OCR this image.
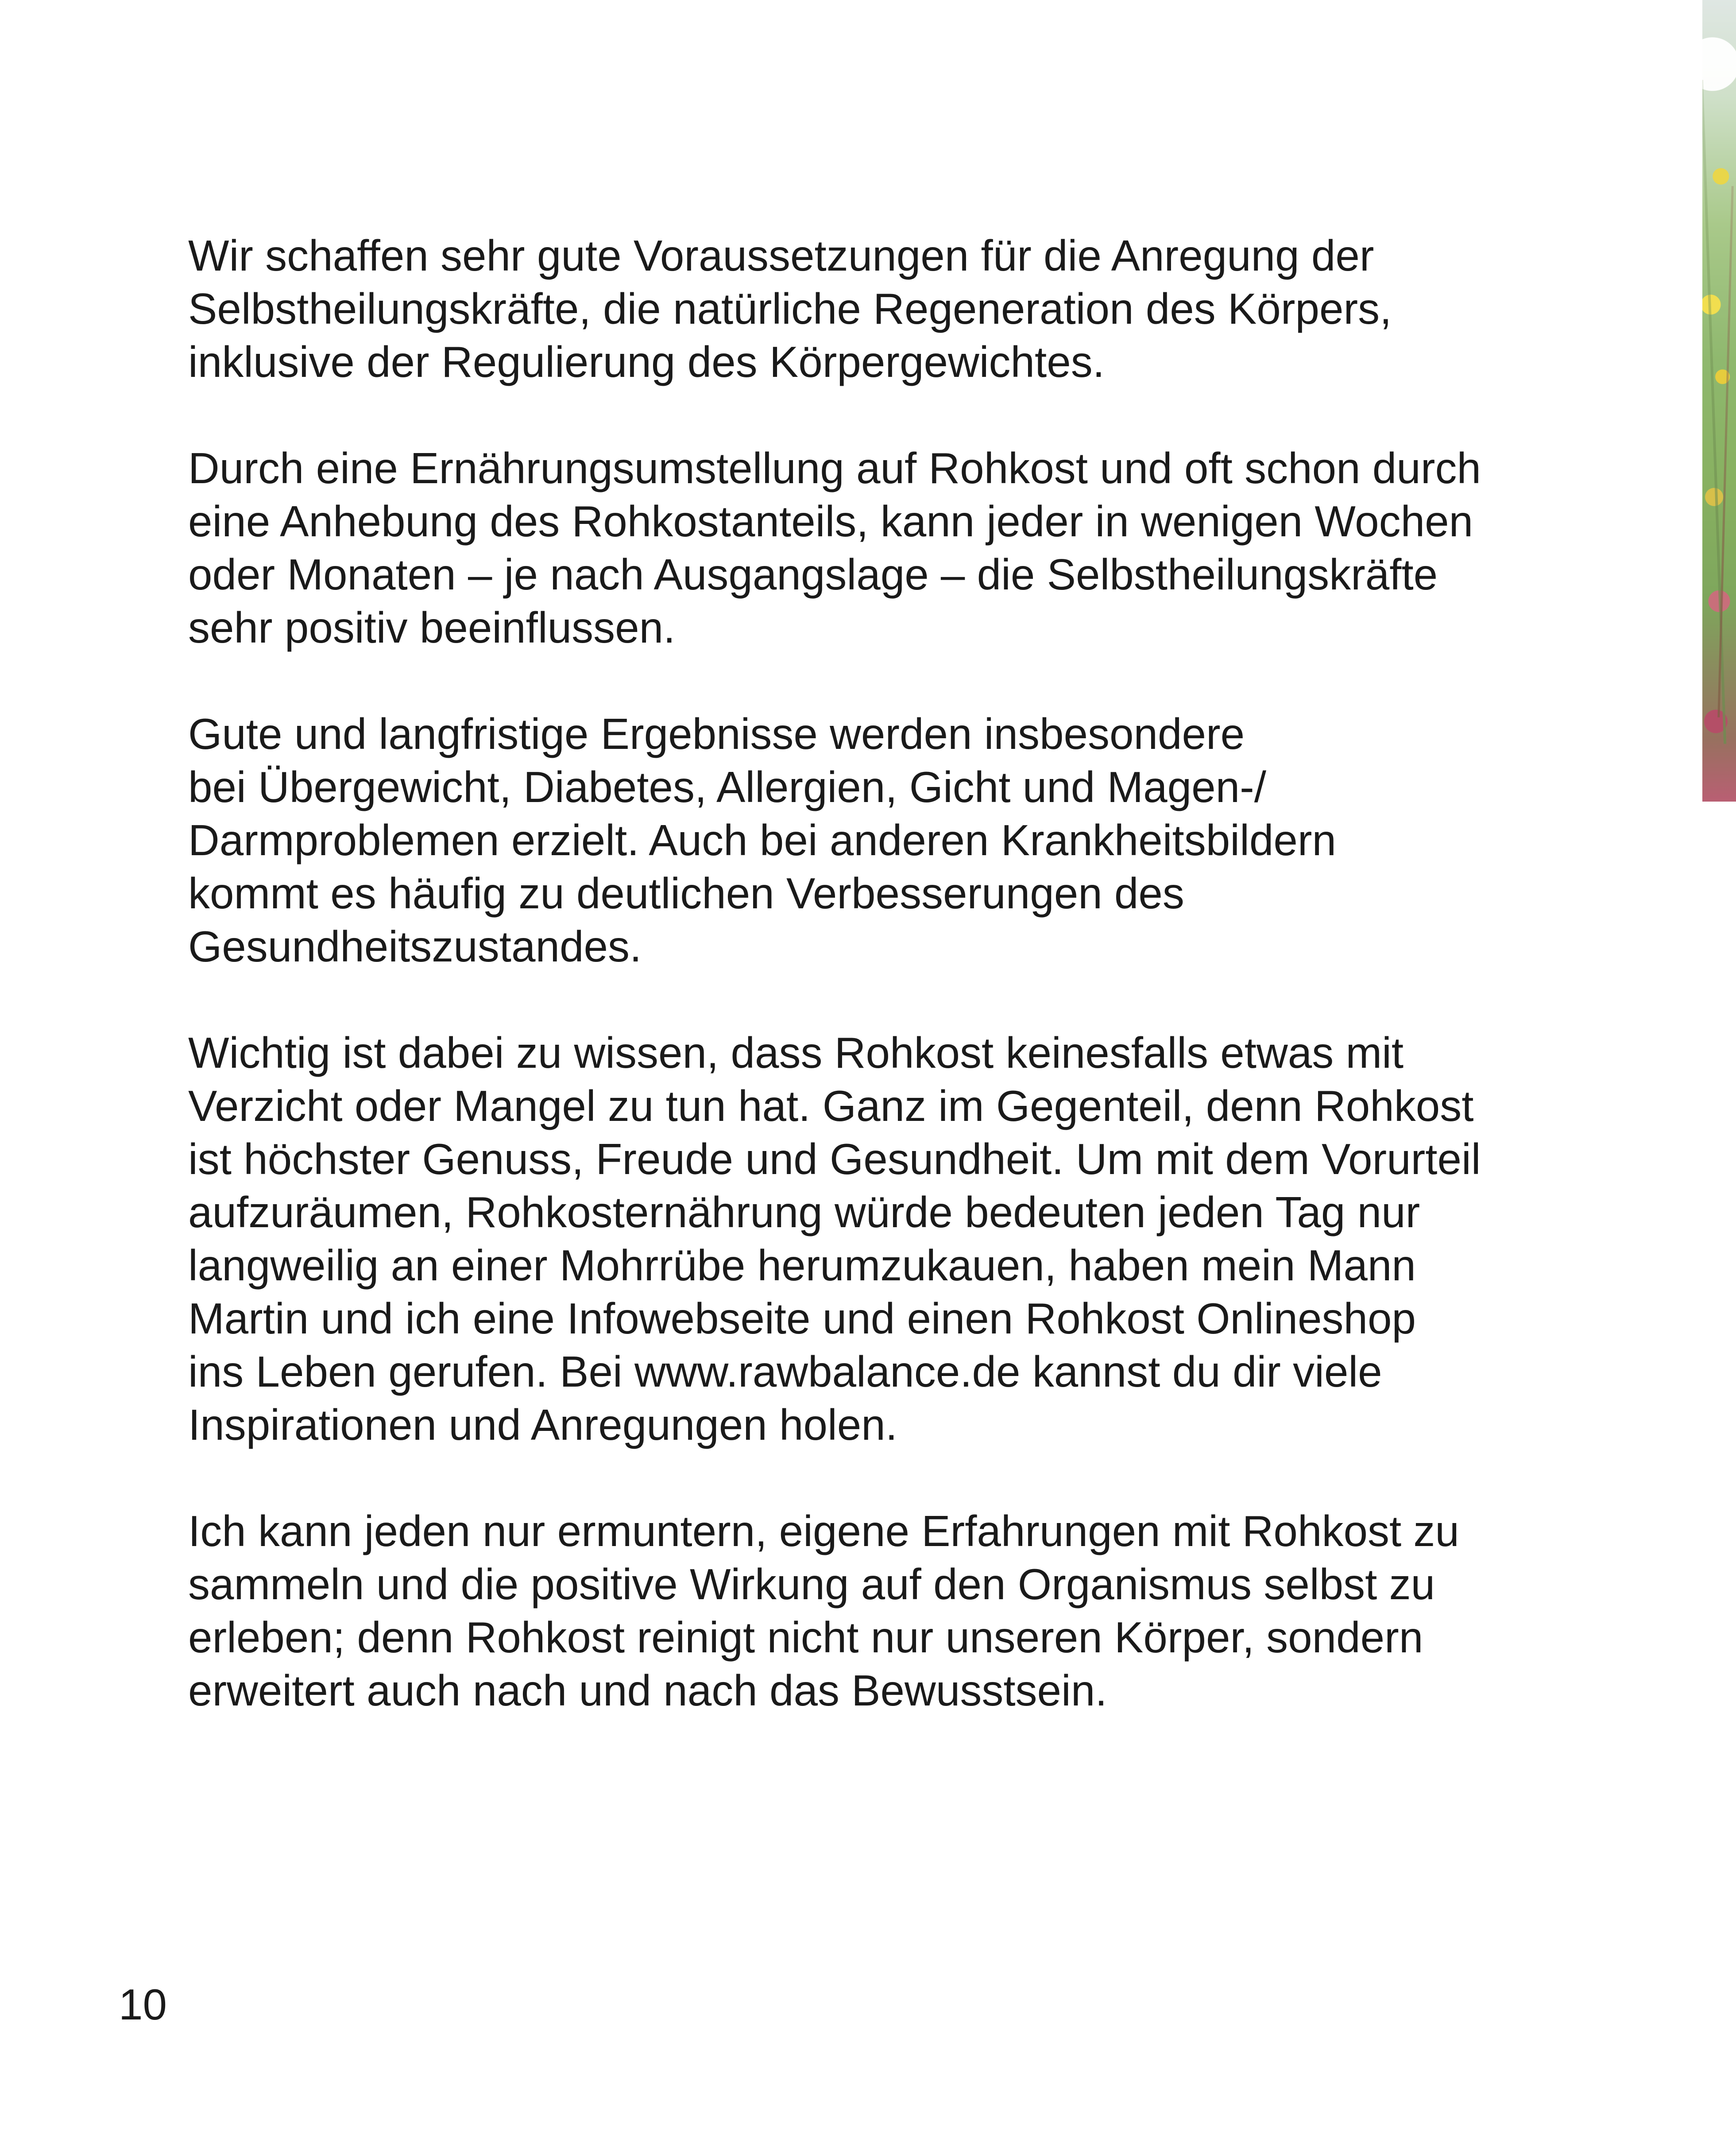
Wir schaffen sehr gute Voraussetzungen für die Anregung der
Selbstheilungskräfte, die natürliche Regeneration des Körpers,
inklusive der Regulierung des Körpergewichtes.

Durch eine Ernährungsumstellung auf Rohkost und oft schon durch
eine Anhebung des Rohkostanteils, kann jeder in wenigen Wochen
oder Monaten – je nach Ausgangslage – die Selbstheilungskräfte
sehr positiv beeinflussen.

Gute und langfristige Ergebnisse werden insbesondere
bei Übergewicht, Diabetes, Allergien, Gicht und Magen-/
Darmproblemen erzielt. Auch bei anderen Krankheitsbildern
kommt es häufig zu deutlichen Verbesserungen des
Gesundheitszustandes.

Wichtig ist dabei zu wissen, dass Rohkost keinesfalls etwas mit
Verzicht oder Mangel zu tun hat. Ganz im Gegenteil, denn Rohkost
ist höchster Genuss, Freude und Gesundheit. Um mit dem Vorurteil
aufzuräumen, Rohkosternährung würde bedeuten jeden Tag nur
langweilig an einer Mohrrübe herumzukauen, haben mein Mann
Martin und ich eine Infowebseite und einen Rohkost Onlineshop
ins Leben gerufen. Bei www.rawbalance.de kannst du dir viele
Inspirationen und Anregungen holen.

Ich kann jeden nur ermuntern, eigene Erfahrungen mit Rohkost zu
sammeln und die positive Wirkung auf den Organismus selbst zu
erleben; denn Rohkost reinigt nicht nur unseren Körper, sondern
erweitert auch nach und nach das Bewusstsein.

10
